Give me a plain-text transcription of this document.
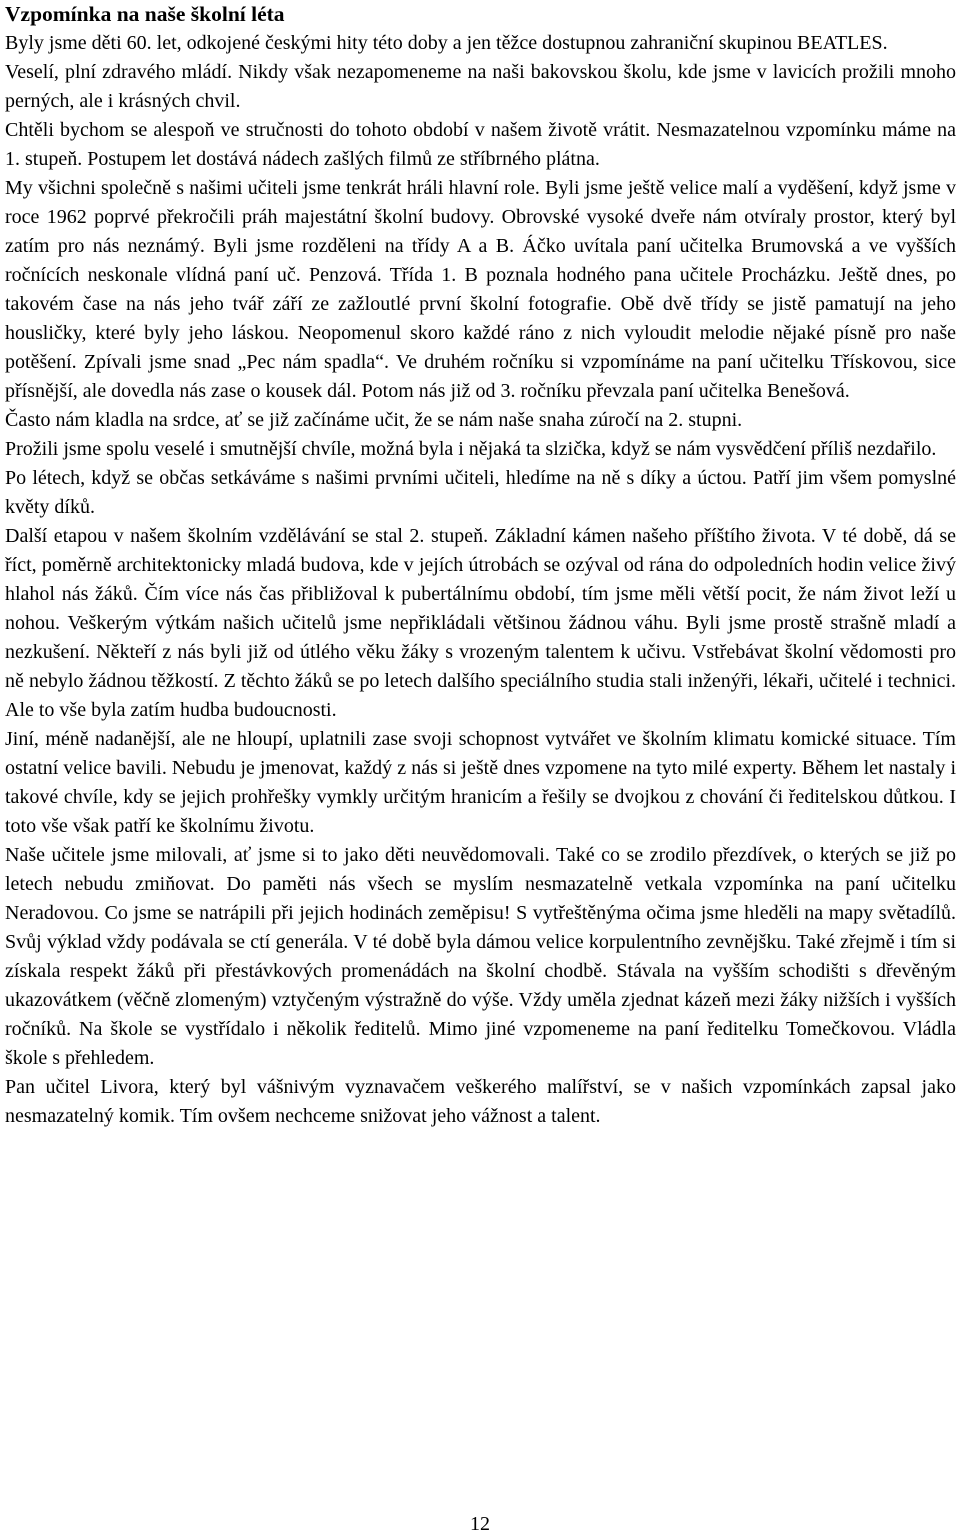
Vzpomínka na naše školní léta

Byly jsme děti 60. let, odkojené českými hity této doby a jen těžce dostupnou zahraniční skupinou BEATLES.

Veselí, plní zdravého mládí. Nikdy však nezapomeneme na naši bakovskou školu, kde jsme v lavicích prožili mnoho perných, ale i krásných chvil.

Chtěli bychom se alespoň ve stručnosti do tohoto období v našem životě vrátit. Nesmazatelnou vzpomínku máme na 1. stupeň. Postupem let dostává nádech zašlých filmů ze stříbrného plátna.

My všichni společně s našimi učiteli jsme tenkrát hráli hlavní role. Byli jsme ještě velice malí a vyděšení, když jsme v roce 1962 poprvé překročili práh majestátní školní budovy. Obrovské vysoké dveře nám otvíraly prostor, který byl zatím pro nás neznámý. Byli jsme rozděleni na třídy A a B. Áčko uvítala paní učitelka Brumovská a ve vyšších ročnících neskonale vlídná paní uč. Penzová. Třída 1. B poznala hodného pana učitele Procházku. Ještě dnes, po takovém čase na nás jeho tvář září ze zažloutlé první školní fotografie. Obě dvě třídy se jistě pamatují na jeho housličky, které byly jeho láskou. Neopomenul skoro každé ráno z nich vyloudit melodie nějaké písně pro naše potěšení. Zpívali jsme snad „Pec nám spadla“. Ve druhém ročníku si vzpomínáme na paní učitelku Třískovou, sice přísnější, ale dovedla nás zase o kousek dál. Potom nás již od 3. ročníku převzala paní učitelka Benešová.

Často nám kladla na srdce, ať se již začínáme učit, že se nám naše snaha zúročí na 2. stupni.

Prožili jsme spolu veselé i smutnější chvíle, možná byla i nějaká ta slzička, když se nám vysvědčení příliš nezdařilo.

Po létech, když se občas setkáváme s našimi prvními učiteli, hledíme na ně s díky a úctou. Patří jim všem pomyslné květy díků.

Další etapou v našem školním vzdělávání se stal 2. stupeň. Základní kámen našeho příštího života. V té době, dá se říct, poměrně architektonicky mladá budova, kde v jejích útrobách se ozýval od rána do odpoledních hodin velice živý hlahol nás žáků. Čím více nás čas přibližoval k pubertálnímu období, tím jsme měli větší pocit, že nám život leží u nohou. Veškerým výtkám našich učitelů jsme nepřikládali většinou žádnou váhu. Byli jsme prostě strašně mladí a nezkušení. Někteří z nás byli již od útlého věku žáky s vrozeným talentem k učivu. Vstřebávat školní vědomosti pro ně nebylo žádnou těžkostí. Z těchto žáků se po letech dalšího speciálního studia stali inženýři, lékaři, učitelé i technici. Ale to vše byla zatím hudba budoucnosti.

Jiní, méně nadanější, ale ne hloupí, uplatnili zase svoji schopnost vytvářet ve školním klimatu komické situace. Tím ostatní velice bavili. Nebudu je jmenovat, každý z nás si ještě dnes vzpomene na tyto milé experty. Během let nastaly i takové chvíle, kdy se jejich prohřešky vymkly určitým hranicím a řešily se dvojkou z chování či ředitelskou důtkou. I toto vše však patří ke školnímu životu.

Naše učitele jsme milovali, ať jsme si to jako děti neuvědomovali. Také co se zrodilo přezdívek, o kterých se již po letech nebudu zmiňovat. Do paměti nás všech se myslím nesmazatelně vetkala vzpomínka na paní učitelku Neradovou. Co jsme se natrápili při jejich hodinách zeměpisu! S vytřeštěnýma očima jsme hleděli na mapy světadílů. Svůj výklad vždy podávala se ctí generála. V té době byla dámou velice korpulentního zevnějšku. Také zřejmě i tím si získala respekt žáků při přestávkových promenádách na školní chodbě. Stávala na vyšším schodišti s dřevěným ukazovátkem (věčně zlomeným) vztyčeným výstražně do výše. Vždy uměla zjednat kázeň mezi žáky nižších i vyšších ročníků. Na škole se vystřídalo i několik ředitelů. Mimo jiné vzpomeneme na paní ředitelku Tomečkovou. Vládla škole s přehledem.

Pan učitel Livora, který byl vášnivým vyznavačem veškerého malířství, se v našich vzpomínkách zapsal jako nesmazatelný komik. Tím ovšem nechceme snižovat jeho vážnost a talent.

12
